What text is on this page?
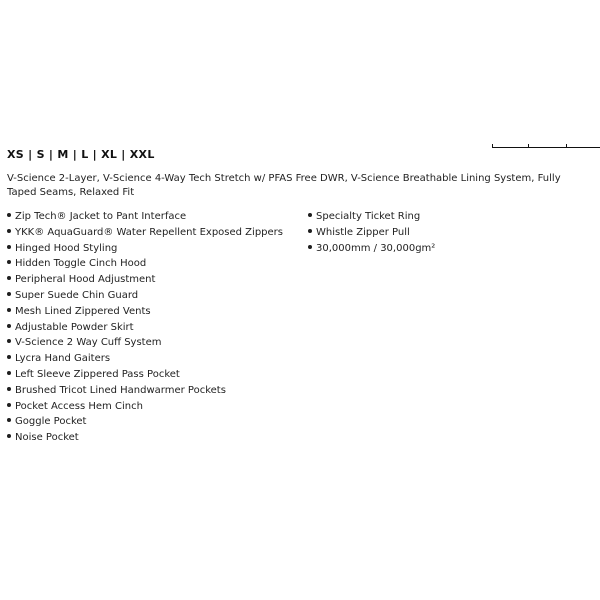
XS | S | M | L | XL | XXL
V-Science 2-Layer, V-Science 4-Way Tech Stretch w/ PFAS Free DWR, V-Science Breathable Lining System, Fully Taped Seams, Relaxed Fit
Zip Tech® Jacket to Pant Interface
YKK® AquaGuard® Water Repellent Exposed Zippers
Hinged Hood Styling
Hidden Toggle Cinch Hood
Peripheral Hood Adjustment
Super Suede Chin Guard
Mesh Lined Zippered Vents
Adjustable Powder Skirt
V-Science 2 Way Cuff System
Lycra Hand Gaiters
Left Sleeve Zippered Pass Pocket
Brushed Tricot Lined Handwarmer Pockets
Pocket Access Hem Cinch
Goggle Pocket
Noise Pocket
Specialty Ticket Ring
Whistle Zipper Pull
30,000mm / 30,000gm²
